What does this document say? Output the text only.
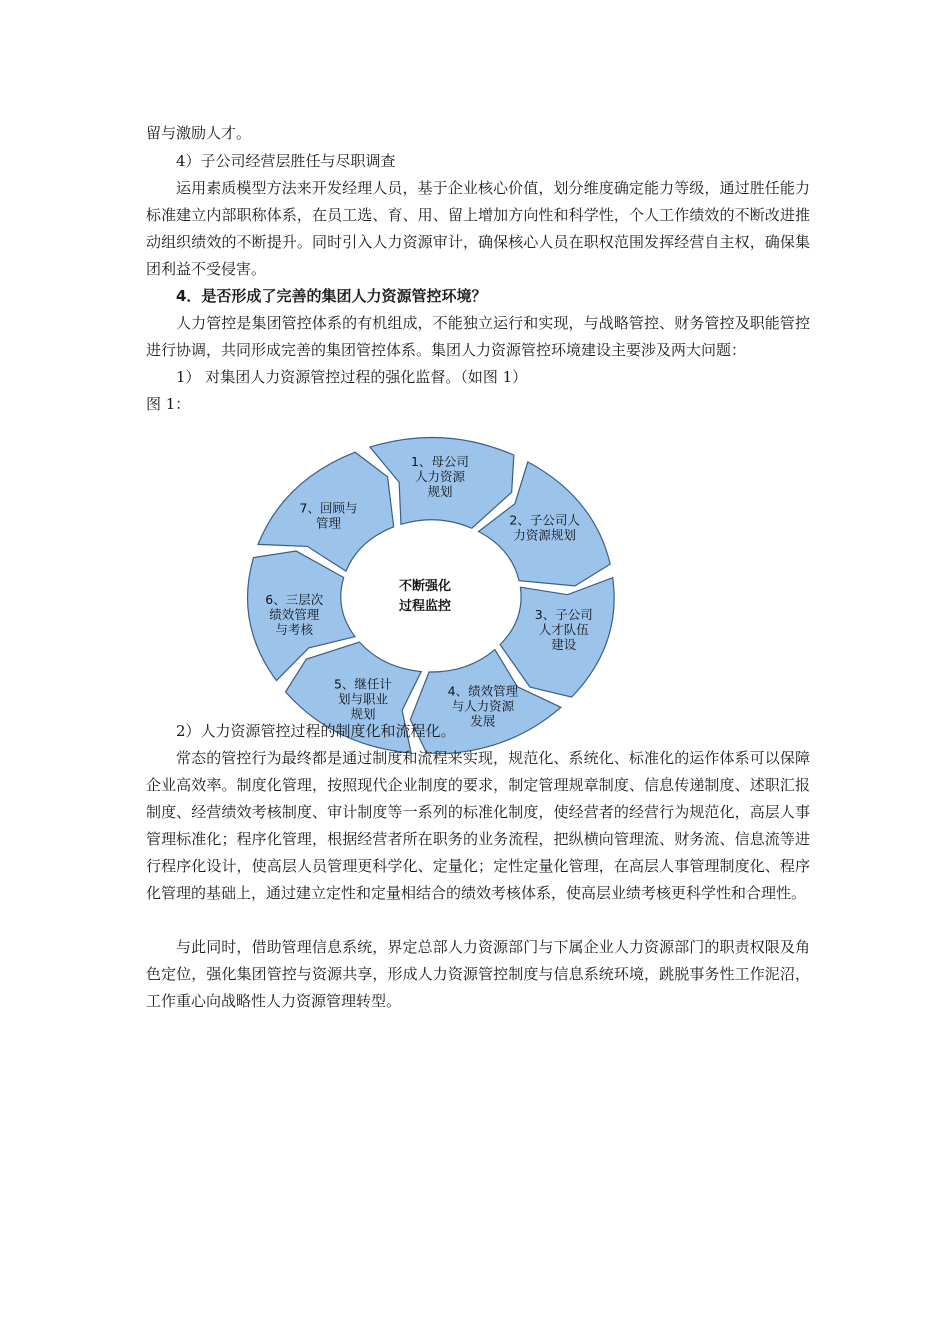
留与激励人才。

4）子公司经营层胜任与尽职调查

运用素质模型方法来开发经理人员，基于企业核心价值，划分维度确定能力等级，通过胜任能力标准建立内部职称体系，在员工选、育、用、留上增加方向性和科学性，个人工作绩效的不断改进推动组织绩效的不断提升。同时引入人力资源审计，确保核心人员在职权范围发挥经营自主权，确保集团利益不受侵害。

4．是否形成了完善的集团人力资源管控环境？

人力管控是集团管控体系的有机组成，不能独立运行和实现，与战略管控、财务管控及职能管控进行协调，共同形成完善的集团管控体系。集团人力资源管控环境建设主要涉及两大问题：

1） 对集团人力资源管控过程的强化监督。（如图 1）

图 1：

1、母公司人力资源规划
2、子公司人力资源规划
3、子公司人才队伍建设
4、绩效管理与人力资源发展
5、继任计划与职业规划
6、三层次绩效管理与考核
7、回顾与管理
不断强化过程监控

2）人力资源管控过程的制度化和流程化。

常态的管控行为最终都是通过制度和流程来实现，规范化、系统化、标准化的运作体系可以保障企业高效率。制度化管理，按照现代企业制度的要求，制定管理规章制度、信息传递制度、述职汇报制度、经营绩效考核制度、审计制度等一系列的标准化制度，使经营者的经营行为规范化，高层人事管理标准化；程序化管理，根据经营者所在职务的业务流程，把纵横向管理流、财务流、信息流等进行程序化设计，使高层人员管理更科学化、定量化；定性定量化管理，在高层人事管理制度化、程序化管理的基础上，通过建立定性和定量相结合的绩效考核体系，使高层业绩考核更科学性和合理性。

与此同时，借助管理信息系统，界定总部人力资源部门与下属企业人力资源部门的职责权限及角色定位，强化集团管控与资源共享，形成人力资源管控制度与信息系统环境，跳脱事务性工作泥沼，工作重心向战略性人力资源管理转型。
